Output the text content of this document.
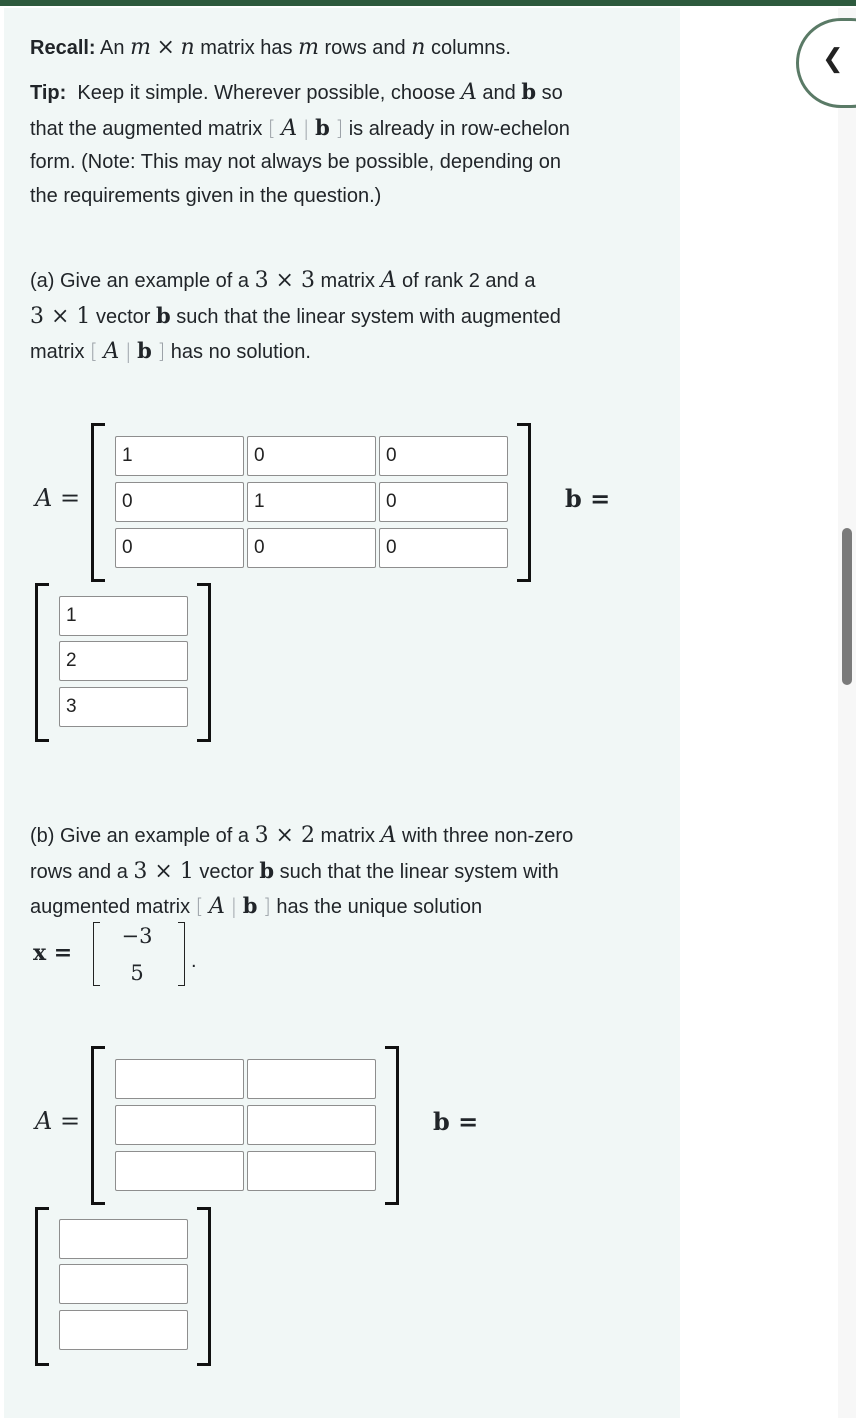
Recall: An m × n matrix has m rows and n columns.
Tip: Keep it simple. Wherever possible, choose A and b so
that the augmented matrix [ A | b ] is already in row-echelon
form. (Note: This may not always be possible, depending on
the requirements given in the question.)
(a) Give an example of a 3 × 3 matrix A of rank 2 and a
3 × 1 vector b such that the linear system with augmented
matrix [ A | b ] has no solution.
A =
1	0	0
0	1	0
0	0	0
b =
1
2
3
(b) Give an example of a 3 × 2 matrix A with three non-zero
rows and a 3 × 1 vector b such that the linear system with
augmented matrix [ A | b ] has the unique solution
x =
−3
5	.
A =	b =
❮
